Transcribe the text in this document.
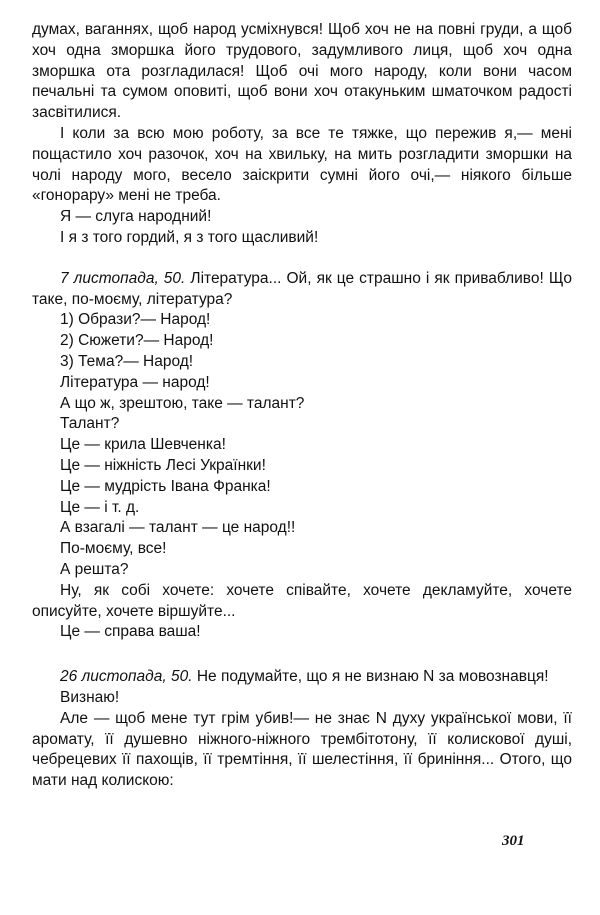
думах, ваганнях, щоб народ усміхнувся! Щоб хоч не на повні груди, а щоб хоч одна зморшка його трудового, задумливого лиця, щоб хоч одна зморшка ота розгладилася! Щоб очі мого народу, коли вони часом печальні та сумом оповиті, щоб вони хоч отакуньким шматочком радості засвітилися.

І коли за всю мою роботу, за все те тяжке, що пережив я,— мені пощастило хоч разочок, хоч на хвильку, на мить розгладити зморшки на чолі народу мого, весело заіскрити сумні його очі,— ніякого більше «гонорару» мені не треба.

Я — слуга народний!

І я з того гордий, я з того щасливий!

7 листопада, 50. Література... Ой, як це страшно і як привабливо! Що таке, по-моєму, література?

1) Образи?— Народ!

2) Сюжети?— Народ!

3) Тема?— Народ!

Література — народ!

А що ж, зрештою, таке — талант?

Талант?

Це — крила Шевченка!

Це — ніжність Лесі Українки!

Це — мудрість Івана Франка!

Це — і т. д.

А взагалі — талант — це народ!!

По-моєму, все!

А решта?

Ну, як собі хочете: хочете співайте, хочете декламуйте, хочете описуйте, хочете віршуйте...

Це — справа ваша!

26 листопада, 50. Не подумайте, що я не визнаю N за мовознавця!

Визнаю!

Але — щоб мене тут грім убив!— не знає N духу української мови, її аромату, її душевно ніжного-ніжного трембітотону, її колискової душі, чебрецевих її пахощів, її тремтіння, її шелестіння, її бриніння... Отого, що мати над колискою:

301
